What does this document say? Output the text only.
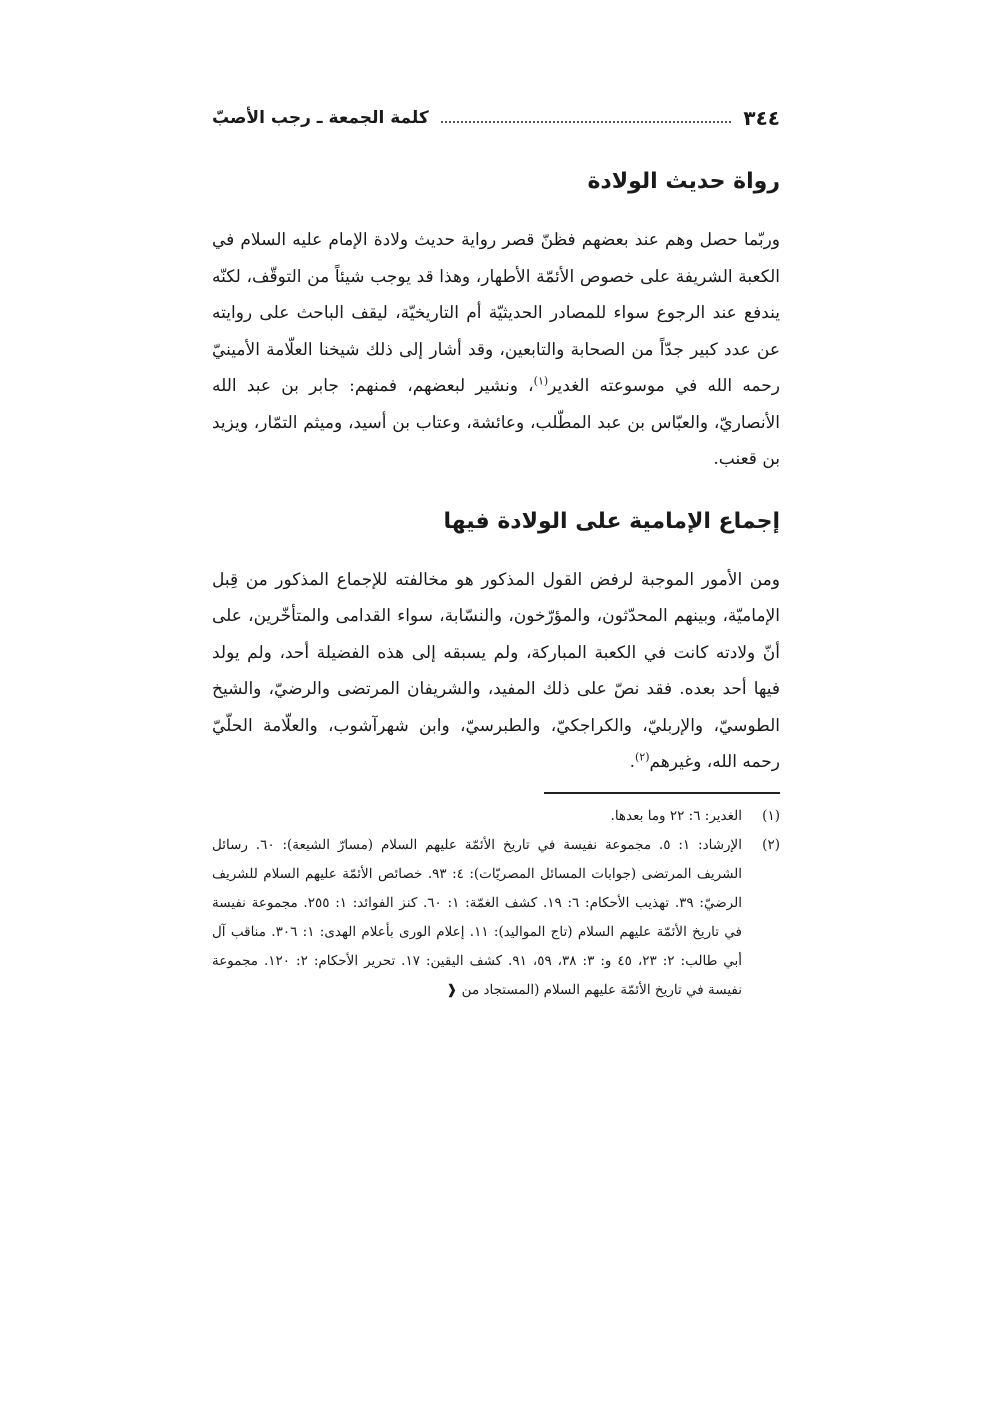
٣٤٤
كلمة الجمعة ـ رجب الأصبّ
رواة حديث الولادة

وربّما حصل وهم عند بعضهم فظنّ قصر رواية حديث ولادة الإمام عليه السلام في الكعبة الشريفة على خصوص الأئمّة الأطهار، وهذا قد يوجب شيئاً من التوقّف، لكنّه يندفع عند الرجوع سواء للمصادر الحديثيّة أم التاريخيّة، ليقف الباحث على روايته عن عدد كبير جدّاً من الصحابة والتابعين، وقد أشار إلى ذلك شيخنا العلّامة الأمينيّ رحمه الله في موسوعته الغدير$^{(١)}$، ونشير لبعضهم، فمنهم: جابر بن عبد الله الأنصاريّ، والعبّاس بن عبد المطّلب، وعائشة، وعتاب بن أسيد، وميثم التمّار، ويزيد بن قعنب.

إجماع الإمامية على الولادة فيها

ومن الأمور الموجبة لرفض القول المذكور هو مخالفته للإجماع المذكور من قِبل الإماميّة، وبينهم المحدّثون، والمؤرّخون، والنسّابة، سواء القدامى والمتأخّرين، على أنّ ولادته كانت في الكعبة المباركة، ولم يسبقه إلى هذه الفضيلة أحد، ولم يولد فيها أحد بعده. فقد نصّ على ذلك المفيد، والشريفان المرتضى والرضيّ، والشيخ الطوسيّ، والإربليّ، والكراجكيّ، والطبرسيّ، وابن شهرآشوب، والعلّامة الحلّيّ رحمه الله، وغيرهم$^{(٢)}$.

(١)
الغدير: ٦: ٢٢ وما بعدها.
(٢)
الإرشاد: ١: ٥. مجموعة نفيسة في تاريخ الأئمّة عليهم السلام (مسارّ الشيعة): ٦٠. رسائل الشريف المرتضى (جوابات المسائل المصريّات): ٤: ٩٣. خصائص الأئمّة عليهم السلام للشريف الرضيّ: ٣٩. تهذيب الأحكام: ٦: ١٩. كشف الغمّة: ١: ٦٠. كنز الفوائد: ١: ٢٥٥. مجموعة نفيسة في تاريخ الأئمّة عليهم السلام (تاج المواليد): ١١. إعلام الورى بأعلام الهدى: ١: ٣٠٦. مناقب آل أبي طالب: ٢: ٢٣، ٤٥ و: ٣: ٣٨، ٥٩، ٩١. كشف اليقين: ١٧. تحرير الأحكام: ٢: ١٢٠. مجموعة نفيسة في تاريخ الأئمّة عليهم السلام (المستجاد من ❰
